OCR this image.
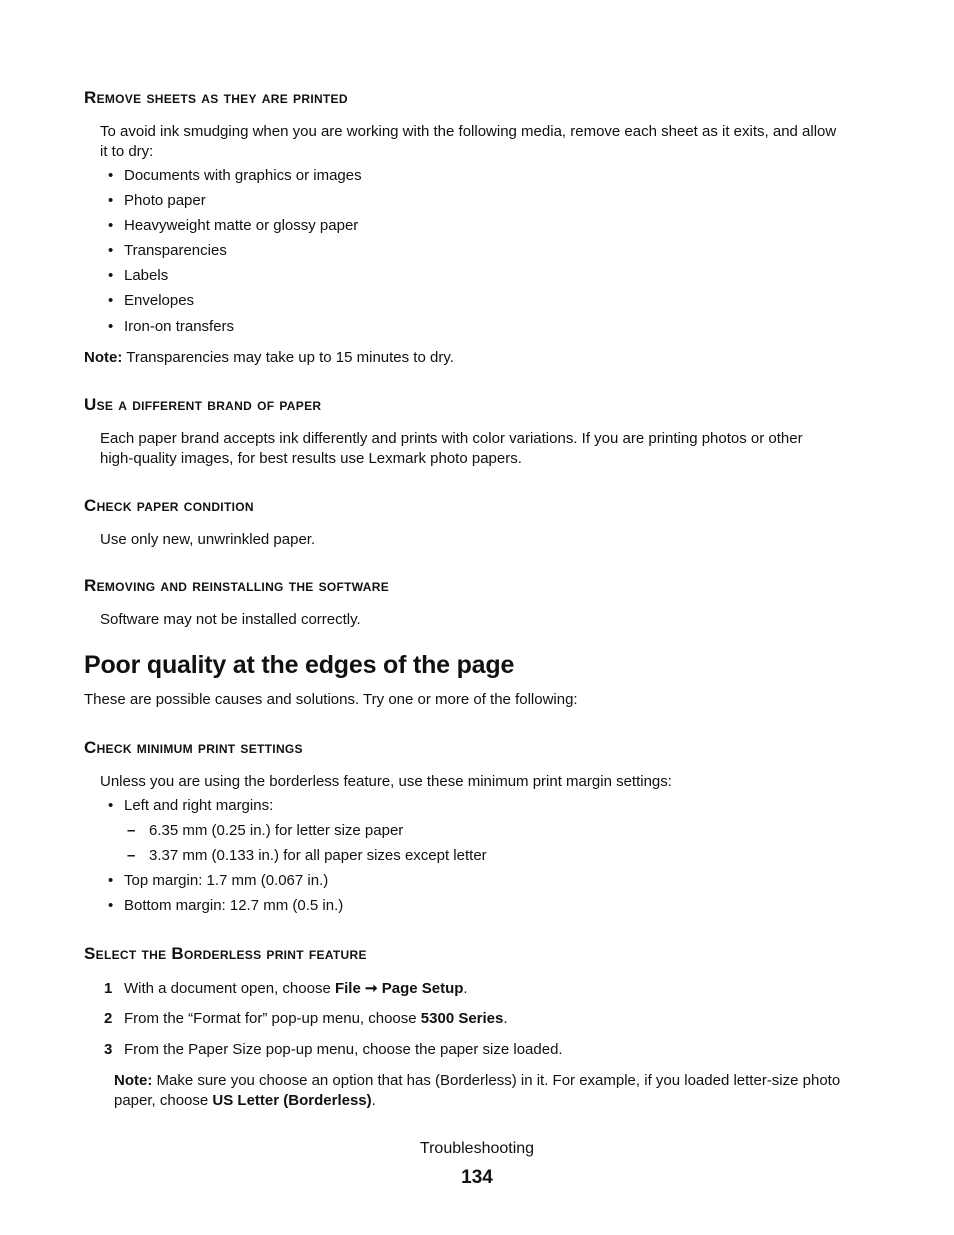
Remove sheets as they are printed
To avoid ink smudging when you are working with the following media, remove each sheet as it exits, and allow
it to dry:
• Documents with graphics or images
• Photo paper
• Heavyweight matte or glossy paper
• Transparencies
• Labels
• Envelopes
• Iron-on transfers
Note: Transparencies may take up to 15 minutes to dry.
Use a different brand of paper
Each paper brand accepts ink differently and prints with color variations. If you are printing photos or other
high-quality images, for best results use Lexmark photo papers.
Check paper condition
Use only new, unwrinkled paper.
Removing and reinstalling the software
Software may not be installed correctly.
Poor quality at the edges of the page
These are possible causes and solutions. Try one or more of the following:
Check minimum print settings
Unless you are using the borderless feature, use these minimum print margin settings:
• Left and right margins:
– 6.35 mm (0.25 in.) for letter size paper
– 3.37 mm (0.133 in.) for all paper sizes except letter
• Top margin: 1.7 mm (0.067 in.)
• Bottom margin: 12.7 mm (0.5 in.)
Select the Borderless print feature
1 With a document open, choose File ➞ Page Setup.
2 From the “Format for” pop-up menu, choose 5300 Series.
3 From the Paper Size pop-up menu, choose the paper size loaded.
Note: Make sure you choose an option that has (Borderless) in it. For example, if you loaded letter-size photo
paper, choose US Letter (Borderless).
Troubleshooting
134
